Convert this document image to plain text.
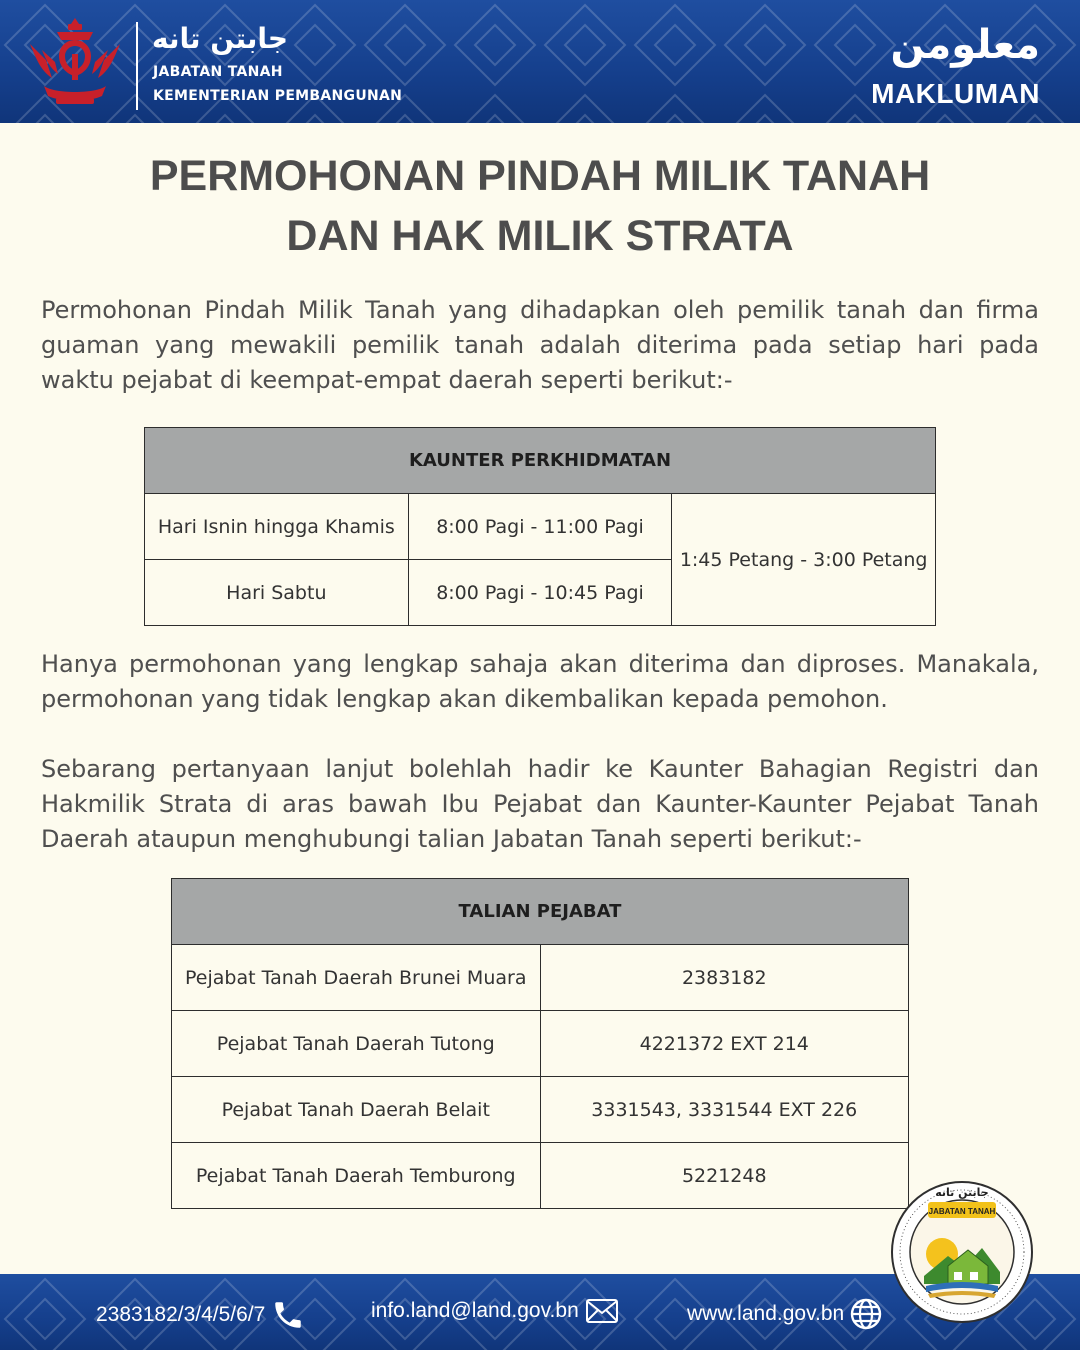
جابتن تانه
JABATAN TANAH
KEMENTERIAN PEMBANGUNAN
معلومن
MAKLUMAN
PERMOHONAN PINDAH MILIK TANAH
DAN HAK MILIK STRATA

Permohonan Pindah Milik Tanah yang dihadapkan oleh pemilik tanah dan firma guaman yang mewakili pemilik tanah adalah diterima pada setiap hari pada waktu pejabat di keempat-empat daerah seperti berikut:-

KAUNTER PERKHIDMATAN		
Hari Isnin hingga Khamis	8:00 Pagi - 11:00 Pagi	1:45 Petang - 3:00 Petang
Hari Sabtu	8:00 Pagi - 10:45 Pagi	

Hanya permohonan yang lengkap sahaja akan diterima dan diproses. Manakala, permohonan yang tidak lengkap akan dikembalikan kepada pemohon.

Sebarang pertanyaan lanjut bolehlah hadir ke Kaunter Bahagian Registri dan Hakmilik Strata di aras bawah Ibu Pejabat dan Kaunter-Kaunter Pejabat Tanah Daerah ataupun menghubungi talian Jabatan Tanah seperti berikut:-

TALIAN PEJABAT	
Pejabat Tanah Daerah Brunei Muara	2383182
Pejabat Tanah Daerah Tutong	4221372 EXT 214
Pejabat Tanah Daerah Belait	3331543, 3331544 EXT 226
Pejabat Tanah Daerah Temburong	5221248
2383182/3/4/5/6/7	info.land@land.gov.bn	www.land.gov.bn
جابتن تانه
JABATAN TANAH
